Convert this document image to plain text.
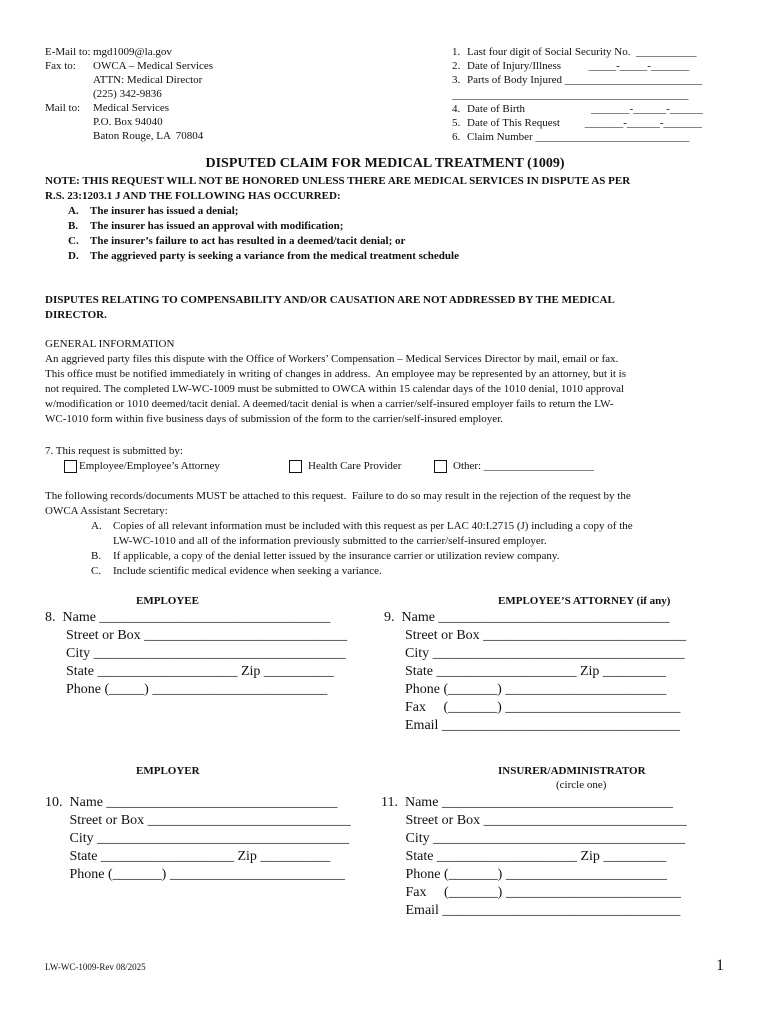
E-Mail to: mgd1009@la.gov
Fax to: OWCA – Medical Services
ATTN: Medical Director
(225) 342-9836
Mail to: Medical Services
P.O. Box 94040
Baton Rouge, LA  70804
1. Last four digit of Social Security No.  ___________
2. Date of Injury/Illness          _____-_____-_______
3. Parts of Body Injured _________________________
___________________________________________
4. Date of Birth                        _______-______-______
5. Date of This Request         _______-______-_______
6. Claim Number ____________________________
DISPUTED CLAIM FOR MEDICAL TREATMENT (1009)
NOTE: THIS REQUEST WILL NOT BE HONORED UNLESS THERE ARE MEDICAL SERVICES IN DISPUTE AS PER
R.S. 23:1203.1 J AND THE FOLLOWING HAS OCCURRED:
A. The insurer has issued a denial;
B. The insurer has issued an approval with modification;
C. The insurer’s failure to act has resulted in a deemed/tacit denial; or
D. The aggrieved party is seeking a variance from the medical treatment schedule
DISPUTES RELATING TO COMPENSABILITY AND/OR CAUSATION ARE NOT ADDRESSED BY THE MEDICAL
DIRECTOR.
GENERAL INFORMATION
An aggrieved party files this dispute with the Office of Workers’ Compensation – Medical Services Director by mail, email or fax.
This office must be notified immediately in writing of changes in address.  An employee may be represented by an attorney, but it is
not required. The completed LW-WC-1009 must be submitted to OWCA within 15 calendar days of the 1010 denial, 1010 approval
w/modification or 1010 deemed/tacit denial. A deemed/tacit denial is when a carrier/self-insured employer fails to return the LW-
WC-1010 form within five business days of submission of the form to the carrier/self-insured employer.
7. This request is submitted by:
Employee/Employee’s Attorney	Health Care Provider	Other: ____________________
The following records/documents MUST be attached to this request.  Failure to do so may result in the rejection of the request by the
OWCA Assistant Secretary:
A. Copies of all relevant information must be included with this request as per LAC 40:I.2715 (J) including a copy of the
LW-WC-1010 and all of the information previously submitted to the carrier/self-insured employer.
B. If applicable, a copy of the denial letter issued by the insurance carrier or utilization review company.
C. Include scientific medical evidence when seeking a variance.
EMPLOYEE
8.  Name _________________________________
Street or Box _____________________________
City ____________________________________
State ____________________ Zip __________
Phone (_____) _________________________
EMPLOYEE’S ATTORNEY (if any)
9.  Name _________________________________
Street or Box _____________________________
City ____________________________________
State ____________________ Zip _________
Phone (_______) _______________________
Fax     (_______) _________________________
Email __________________________________
EMPLOYER
10.  Name _________________________________
Street or Box _____________________________
City ____________________________________
State ___________________ Zip __________
Phone (_______) _________________________
INSURER/ADMINISTRATOR
(circle one)
11.  Name _________________________________
Street or Box _____________________________
City ____________________________________
State ____________________ Zip _________
Phone (_______) _______________________
Fax     (_______) _________________________
Email __________________________________
LW-WC-1009-Rev 08/2025	1
